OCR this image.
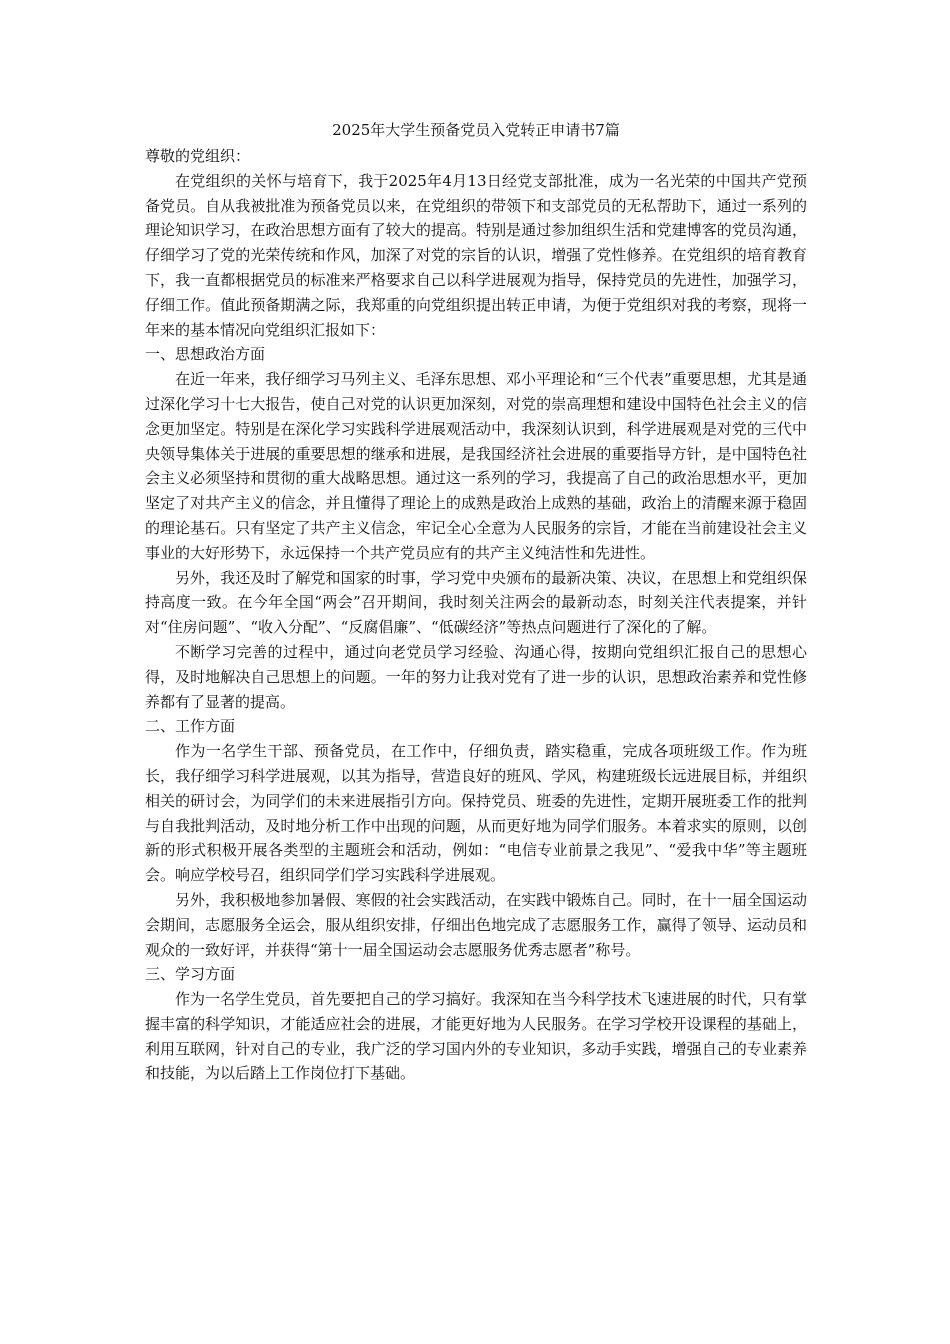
2025年大学生预备党员入党转正申请书7篇

尊敬的党组织：

在党组织的关怀与培育下，我于2025年4月13日经党支部批准，成为一名光荣的中国共产党预备党员。自从我被批准为预备党员以来，在党组织的带领下和支部党员的无私帮助下，通过一系列的理论知识学习，在政治思想方面有了较大的提高。特别是通过参加组织生活和党建博客的党员沟通，仔细学习了党的光荣传统和作风，加深了对党的宗旨的认识，增强了党性修养。在党组织的培育教育下，我一直都根据党员的标准来严格要求自己以科学进展观为指导，保持党员的先进性，加强学习，仔细工作。值此预备期满之际，我郑重的向党组织提出转正申请，为便于党组织对我的考察，现将一年来的基本情况向党组织汇报如下：

一、思想政治方面

在近一年来，我仔细学习马列主义、毛泽东思想、邓小平理论和“三个代表”重要思想，尤其是通过深化学习十七大报告，使自己对党的认识更加深刻，对党的崇高理想和建设中国特色社会主义的信念更加坚定。特别是在深化学习实践科学进展观活动中，我深刻认识到，科学进展观是对党的三代中央领导集体关于进展的重要思想的继承和进展，是我国经济社会进展的重要指导方针，是中国特色社会主义必须坚持和贯彻的重大战略思想。通过这一系列的学习，我提高了自己的政治思想水平，更加坚定了对共产主义的信念，并且懂得了理论上的成熟是政治上成熟的基础，政治上的清醒来源于稳固的理论基石。只有坚定了共产主义信念，牢记全心全意为人民服务的宗旨，才能在当前建设社会主义事业的大好形势下，永远保持一个共产党员应有的共产主义纯洁性和先进性。

另外，我还及时了解党和国家的时事，学习党中央颁布的最新决策、决议，在思想上和党组织保持高度一致。在今年全国“两会”召开期间，我时刻关注两会的最新动态，时刻关注代表提案，并针对“住房问题”、“收入分配”、“反腐倡廉”、“低碳经济”等热点问题进行了深化的了解。

不断学习完善的过程中，通过向老党员学习经验、沟通心得，按期向党组织汇报自己的思想心得，及时地解决自己思想上的问题。一年的努力让我对党有了进一步的认识，思想政治素养和党性修养都有了显著的提高。

二、工作方面

作为一名学生干部、预备党员，在工作中，仔细负责，踏实稳重，完成各项班级工作。作为班长，我仔细学习科学进展观，以其为指导，营造良好的班风、学风，构建班级长远进展目标，并组织相关的研讨会，为同学们的未来进展指引方向。保持党员、班委的先进性，定期开展班委工作的批判与自我批判活动，及时地分析工作中出现的问题，从而更好地为同学们服务。本着求实的原则，以创新的形式积极开展各类型的主题班会和活动，例如：“电信专业前景之我见”、“爱我中华”等主题班会。响应学校号召，组织同学们学习实践科学进展观。

另外，我积极地参加暑假、寒假的社会实践活动，在实践中锻炼自己。同时，在十一届全国运动会期间，志愿服务全运会，服从组织安排，仔细出色地完成了志愿服务工作，赢得了领导、运动员和观众的一致好评，并获得“第十一届全国运动会志愿服务优秀志愿者”称号。

三、学习方面

作为一名学生党员，首先要把自己的学习搞好。我深知在当今科学技术飞速进展的时代，只有掌握丰富的科学知识，才能适应社会的进展，才能更好地为人民服务。在学习学校开设课程的基础上，利用互联网，针对自己的专业，我广泛的学习国内外的专业知识，多动手实践，增强自己的专业素养和技能，为以后踏上工作岗位打下基础。
